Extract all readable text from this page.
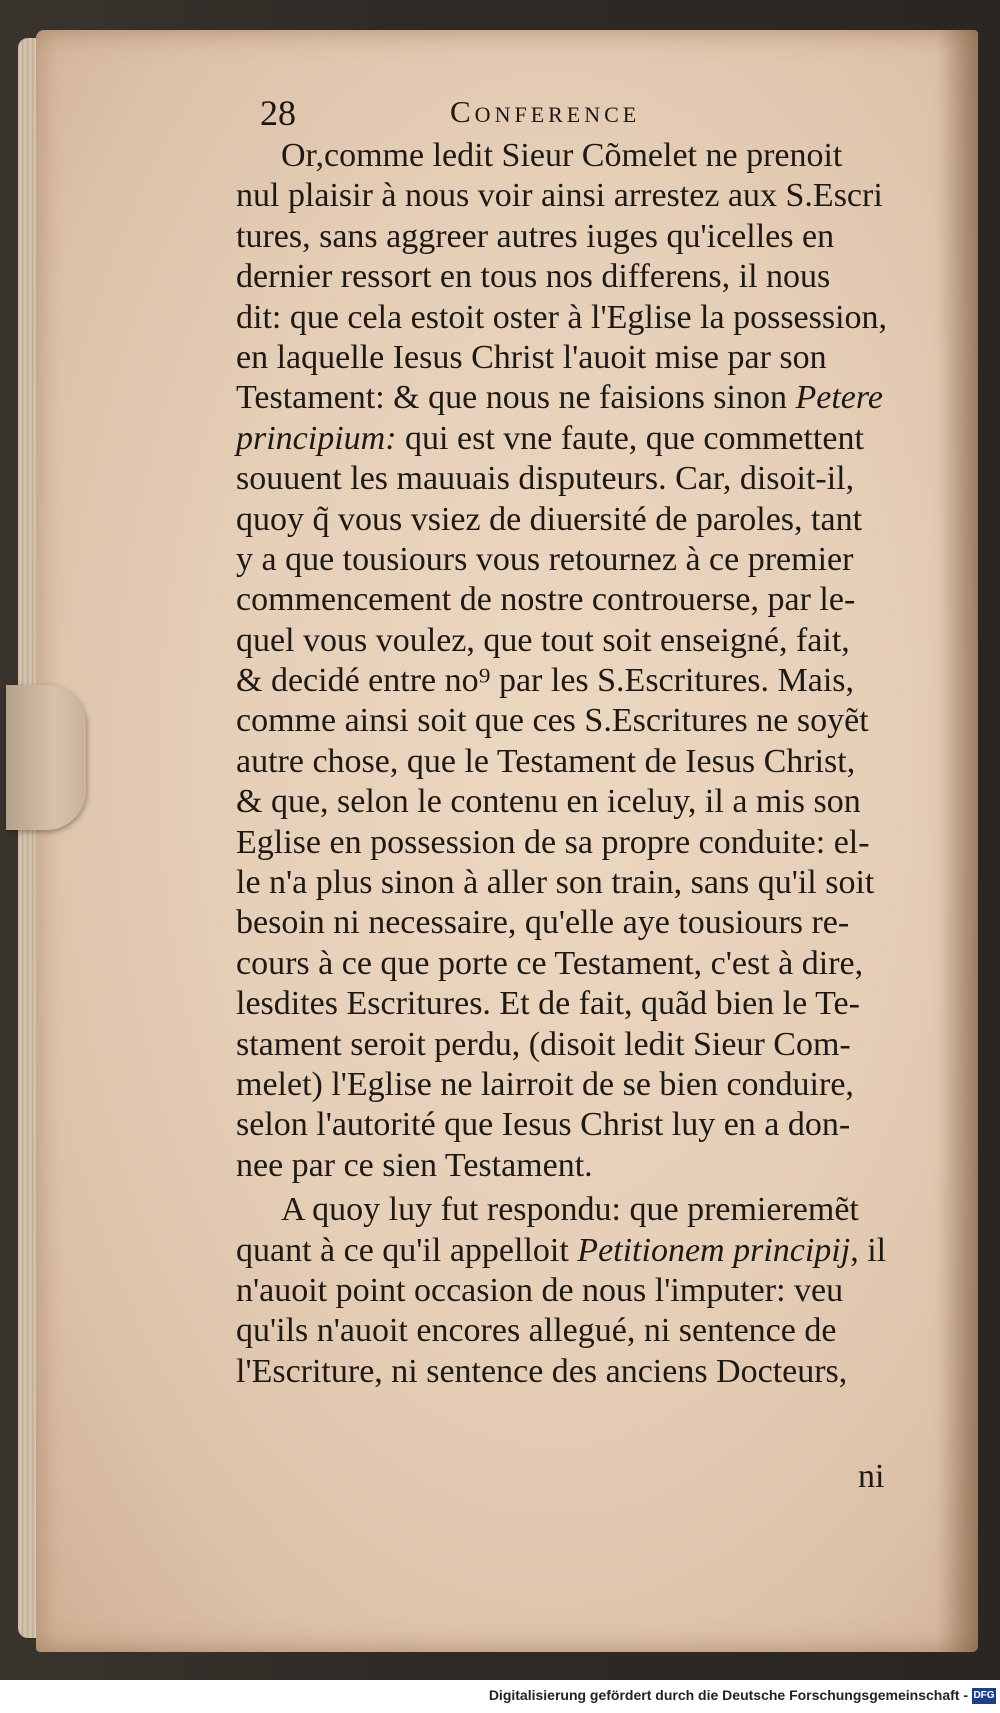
28	Conference
Or,comme ledit Sieur Cõmelet ne prenoit
nul plaisir à nous voir ainsi arrestez aux S.Escri
tures, sans aggreer autres iuges qu'icelles en
dernier ressort en tous nos differens, il nous
dit: que cela estoit oster à l'Eglise la possession,
en laquelle Iesus Christ l'auoit mise par son
Testament: & que nous ne faisions sinon Petere
principium: qui est vne faute, que commettent
souuent les mauuais disputeurs. Car, disoit-il,
quoy q̃ vous vsiez de diuersité de paroles, tant
y a que tousiours vous retournez à ce premier
commencement de nostre controuerse, par le-
quel vous voulez, que tout soit enseigné, fait,
& decidé entre nо⁹ par les S.Escritures. Mais,
comme ainsi soit que ces S.Escritures ne soyẽt
autre chose, que le Testament de Iesus Christ,
& que, selon le contenu en iceluy, il a mis son
Eglise en possession de sa propre conduite: el-
le n'a plus sinon à aller son train, sans qu'il soit
besoin ni necessaire, qu'elle aye tousiours re-
cours à ce que porte ce Testament, c'est à dire,
lesdites Escritures. Et de fait, quãd bien le Te-
stament seroit perdu, (disoit ledit Sieur Com-
melet) l'Eglise ne lairroit de se bien conduire,
selon l'autorité que Iesus Christ luy en a don-
nee par ce sien Testament.
A quoy luy fut respondu: que premieremẽt
quant à ce qu'il appelloit Petitionem principij, il
n'auoit point occasion de nous l'imputer: veu
qu'ils n'auoit encores allegué, ni sentence de
l'Escriture, ni sentence des anciens Docteurs,
ni
Digitalisierung gefördert durch die Deutsche Forschungsgemeinschaft - DFG
